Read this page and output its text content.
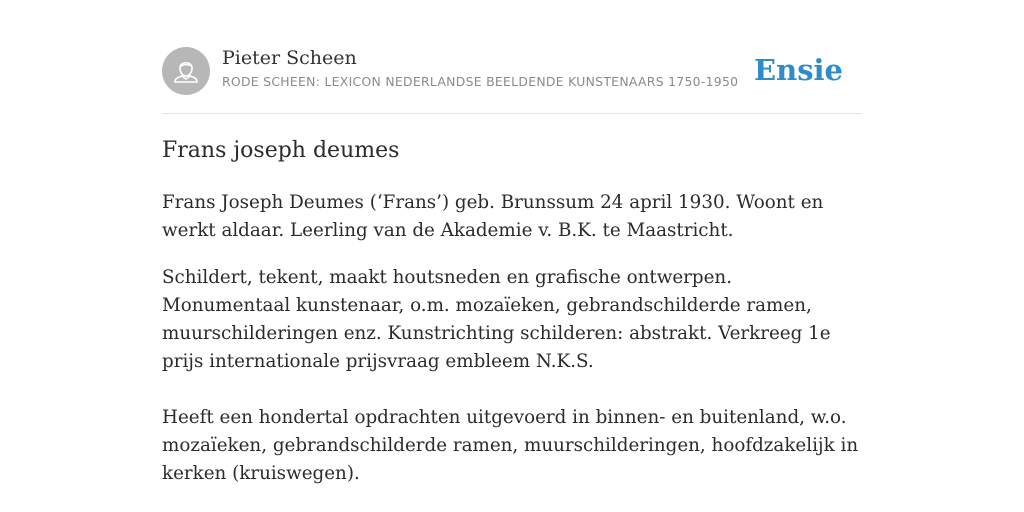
Pieter Scheen
RODE SCHEEN: LEXICON NEDERLANDSE BEELDENDE KUNSTENAARS 1750-1950 Ensie
Frans joseph deumes
Frans Joseph Deumes (‘Frans’) geb. Brunssum 24 april 1930. Woont en werkt aldaar. Leerling van de Akademie v. B.K. te Maastricht.
Schildert, tekent, maakt houtsneden en grafische ontwerpen. Monumentaal kunstenaar, o.m. mozaïeken, gebrandschilderde ramen, muurschilderingen enz. Kunstrichting schilderen: abstrakt. Verkreeg 1e prijs internationale prijsvraag embleem N.K.S.
Heeft een hondertal opdrachten uitgevoerd in binnen- en buitenland, w.o. mozaïeken, gebrandschilderde ramen, muurschilderingen, hoofdzakelijk in kerken (kruiswegen).
